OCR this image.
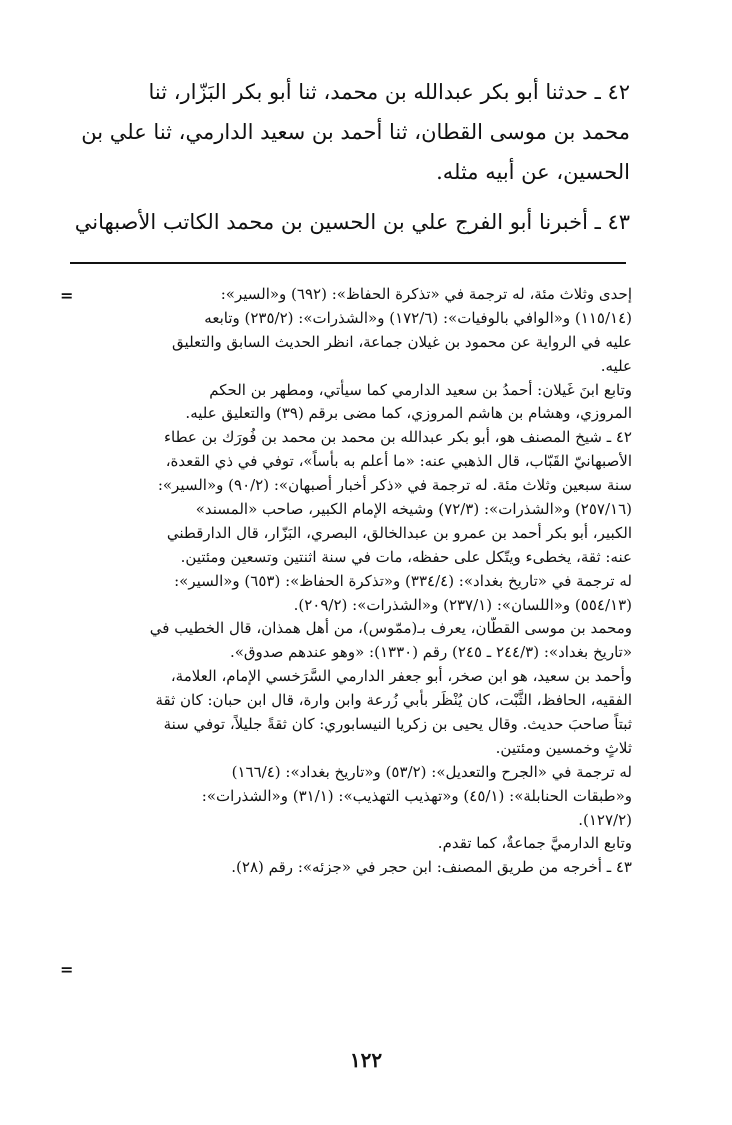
٤٢ ـ حدثنا أبو بكر عبدالله بن محمد، ثنا أبو بكر البَزّار، ثنا
محمد بن موسى القطان، ثنا أحمد بن سعيد الدارمي، ثنا علي بن
الحسين، عن أبيه مثله.
٤٣ ـ أخبرنا أبو الفرج علي بن الحسين بن محمد الكاتب الأصبهاني
=	إحدى وثلاث مئة، له ترجمة في «تذكرة الحفاظ»: (٦٩٢) و«السير»:
(١١٥/١٤) و«الوافي بالوفيات»: (١٧٢/٦) و«الشذرات»: (٢٣٥/٢) وتابعه
عليه في الرواية عن محمود بن غيلان جماعة، انظر الحديث السابق والتعليق
عليه.
وتابع ابنَ غَيلان: أحمدُ بن سعيد الدارمي كما سيأتي، ومطهر بن الحكم
المروزي، وهشام بن هاشم المروزي، كما مضى برقم (٣٩) والتعليق عليه.
٤٢ ـ شيخ المصنف هو، أبو بكر عبدالله بن محمد بن محمد بن فُورَك بن عطاء
الأصبهانيّ القَبّاب، قال الذهبي عنه: «ما أعلم به بأساً»، توفي في ذي القعدة،
سنة سبعين وثلاث مئة. له ترجمة في «ذكر أخبار أصبهان»: (٩٠/٢) و«السير»:
(٢٥٧/١٦) و«الشذرات»: (٧٢/٣) وشيخه الإمام الكبير، صاحب «المسند»
الكبير، أبو بكر أحمد بن عمرو بن عبدالخالق، البصري، البَزّار، قال الدارقطني
عنه: ثقة، يخطىء ويتّكل على حفظه، مات في سنة اثنتين وتسعين ومئتين.
له ترجمة في «تاريخ بغداد»: (٣٣٤/٤) و«تذكرة الحفاظ»: (٦٥٣) و«السير»:
(٥٥٤/١٣) و«اللسان»: (٢٣٧/١) و«الشذرات»: (٢٠٩/٢).
ومحمد بن موسى القطّان، يعرف بـ(ممّوس)، من أهل همذان، قال الخطيب في
«تاريخ بغداد»: (٢٤٤/٣ ـ ٢٤٥) رقم (١٣٣٠): «وهو عندهم صدوق».
وأحمد بن سعيد، هو ابن صخر، أبو جعفر الدارمي السَّرَخسي الإمام، العلامة،
الفقيه، الحافظ، الثَّبْت، كان يُنْظَر بأبي زُرعة وابن وارة، قال ابن حبان: كان ثقة
ثبتاً صاحبَ حديث. وقال يحيى بن زكريا النيسابوري: كان ثقةً جليلاً، توفي سنة
ثلاثٍ وخمسين ومئتين.
له ترجمة في «الجرح والتعديل»: (٥٣/٢) و«تاريخ بغداد»: (١٦٦/٤)
و«طبقات الحنابلة»: (٤٥/١) و«تهذيب التهذيب»: (٣١/١) و«الشذرات»:
(١٢٧/٢).
وتابع الدارميَّ جماعةٌ، كما تقدم.
٤٣ ـ أخرجه من طريق المصنف: ابن حجر في «جزئه»: رقم (٢٨).
=
١٢٢
